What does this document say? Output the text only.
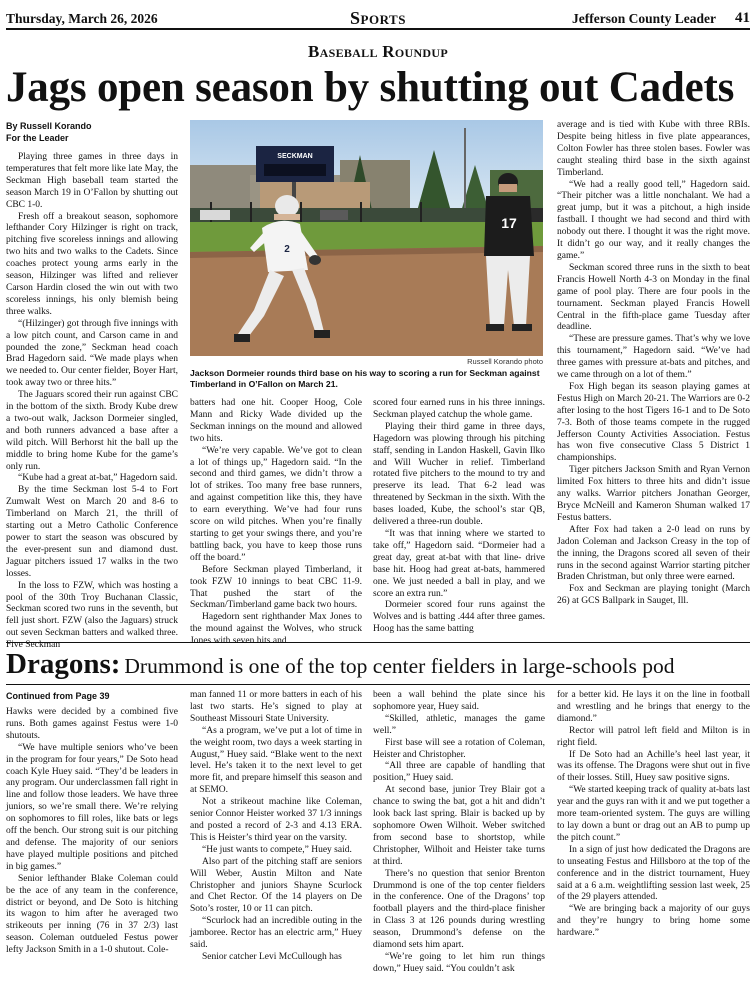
Thursday, March 26, 2026	Sports	Jefferson County Leader 41
Baseball Roundup
Jags open season by shutting out Cadets
By Russell Korando
For the Leader

Playing three games in three days in temperatures that felt more like late May, the Seckman High baseball team started the season March 19 in O’Fallon by shutting out CBC 1-0.

Fresh off a breakout season, sophomore lefthander Cory Hilzinger is right on track, pitching five scoreless innings and allowing two hits and two walks to the Cadets. Since coaches protect young arms early in the season, Hilzinger was lifted and reliever Carson Hardin closed the win out with two scoreless innings, his only blemish being three walks.

“(Hilzinger) got through five innings with a low pitch count, and Carson came in and pounded the zone,” Seckman head coach Brad Hagedorn said. “We made plays when we needed to. Our center fielder, Boyer Hart, took away two or three hits.”

The Jaguars scored their run against CBC in the bottom of the sixth. Brody Kube drew a two-out walk, Jackson Dormeier singled, and both runners advanced a base after a wild pitch. Will Berhorst hit the ball up the middle to bring home Kube for the game’s only run.

“Kube had a great at-bat,” Hagedorn said.

By the time Seckman lost 5-4 to Fort Zumwalt West on March 20 and 8-6 to Timberland on March 21, the thrill of starting out a Metro Catholic Conference power to start the season was obscured by the ever-present sun and diamond dust. Jaguar pitchers issued 17 walks in the two losses.

In the loss to FZW, which was hosting a pool of the 30th Troy Buchanan Classic, Seckman scored two runs in the seventh, but fell just short. FZW (also the Jaguars) struck out seven Seckman batters and walked three. Five Seckman

SECKMAN
2
17
Russell Korando photo
Jackson Dormeier rounds third base on his way to scoring a run for Seckman against Timberland in O’Fallon on March 21.

batters had one hit. Cooper Hoog, Cole Mann and Ricky Wade divided up the Seckman innings on the mound and allowed two hits.

“We’re very capable. We’ve got to clean a lot of things up,” Hagedorn said. “In the second and third games, we didn’t throw a lot of strikes. Too many free base runners, and against competition like this, they have to earn everything. We’ve had four runs score on wild pitches. When you’re finally starting to get your swings there, and you’re battling back, you have to keep those runs off the board.”

Before Seckman played Timberland, it took FZW 10 innings to beat CBC 11-9. That pushed the start of the Seckman/Timberland game back two hours.

Hagedorn sent righthander Max Jones to the mound against the Wolves, who struck Jones with seven hits and

scored four earned runs in his three innings. Seckman played catchup the whole game.

Playing their third game in three days, Hagedorn was plowing through his pitching staff, sending in Landon Haskell, Gavin Ilko and Will Wucher in relief. Timberland rotated five pitchers to the mound to try and preserve its lead. That 6-2 lead was threatened by Seckman in the sixth. With the bases loaded, Kube, the school’s star QB, delivered a three-run double.

“It was that inning where we started to take off,” Hagedorn said. “Dormeier had a great day, great at-bat with that line- drive base hit. Hoog had great at-bats, hammered one. We just needed a ball in play, and we score an extra run.”

Dormeier scored four runs against the Wolves and is batting .444 after three games. Hoog has the same batting

average and is tied with Kube with three RBIs. Despite being hitless in five plate appearances, Colton Fowler has three stolen bases. Fowler was caught stealing third base in the sixth against Timberland.

“We had a really good tell,” Hagedorn said. “Their pitcher was a little nonchalant. We had a great jump, but it was a pitchout, a high inside fastball. I thought we had second and third with nobody out there. I thought it was the right move. It didn’t go our way, and it really changes the game.”

Seckman scored three runs in the sixth to beat Francis Howell North 4-3 on Monday in the final game of pool play. There are four pools in the tournament. Seckman played Francis Howell Central in the fifth-place game Tuesday after deadline.

“These are pressure games. That’s why we love this tournament,” Hagedorn said. “We’ve had three games with pressure at-bats and pitches, and we came through on a lot of them.”

Fox High began its season playing games at Festus High on March 20-21. The Warriors are 0-2 after losing to the host Tigers 16-1 and to De Soto 7-3. Both of those teams compete in the rugged Jefferson County Activities Association. Festus has won five consecutive Class 5 District 1 championships.

Tiger pitchers Jackson Smith and Ryan Vernon limited Fox hitters to three hits and didn’t issue any walks. Warrior pitchers Jonathan Georger, Bryce McNeill and Kameron Shuman walked 17 Festus batters.

After Fox had taken a 2-0 lead on runs by Jadon Coleman and Jackson Creasy in the top of the inning, the Dragons scored all seven of their runs in the second against Warrior starting pitcher Braden Christman, but only three were earned.

Fox and Seckman are playing tonight (March 26) at GCS Ballpark in Sauget, Ill.

Dragons: Drummond is one of the top center fielders in large-schools pod
Continued from Page 39

Hawks were decided by a combined five runs. Both games against Festus were 1-0 shutouts.

“We have multiple seniors who’ve been in the program for four years,” De Soto head coach Kyle Huey said. “They’d be leaders in any program. Our underclassmen fall right in line and follow those leaders. We have three juniors, so we’re small there. We’re relying on sophomores to fill roles, like bats or legs off the bench. Our strong suit is our pitching and defense. The majority of our seniors have played multiple positions and pitched in big games.”

Senior lefthander Blake Coleman could be the ace of any team in the conference, district or beyond, and De Soto is hitching its wagon to him after he averaged two strikeouts per inning (76 in 37 2/3) last season. Coleman outdueled Festus power lefty Jackson Smith in a 1-0 shutout. Cole-

man fanned 11 or more batters in each of his last two starts. He’s signed to play at Southeast Missouri State University.

“As a program, we’ve put a lot of time in the weight room, two days a week starting in August,” Huey said. “Blake went to the next level. He’s taken it to the next level to get more fit, and prepare himself this season and at SEMO.

Not a strikeout machine like Coleman, senior Connor Heister worked 37 1/3 innings and posted a record of 2-3 and 4.13 ERA. This is Heister’s third year on the varsity.

“He just wants to compete,” Huey said.

Also part of the pitching staff are seniors Will Weber, Austin Milton and Nate Christopher and juniors Shayne Scurlock and Chet Rector. Of the 14 players on De Soto’s roster, 10 or 11 can pitch.

“Scurlock had an incredible outing in the jamboree. Rector has an electric arm,” Huey said.

Senior catcher Levi McCullough has

been a wall behind the plate since his sophomore year, Huey said.

“Skilled, athletic, manages the game well.”

First base will see a rotation of Coleman, Heister and Christopher.

“All three are capable of handling that position,” Huey said.

At second base, junior Trey Blair got a chance to swing the bat, got a hit and didn’t look back last spring. Blair is backed up by sophomore Owen Wilhoit. Weber switched from second base to shortstop, while Christopher, Wilhoit and Heister take turns at third.

There’s no question that senior Brenton Drummond is one of the top center fielders in the conference. One of the Dragons’ top football players and the third-place finisher in Class 3 at 126 pounds during wrestling season, Drummond’s defense on the diamond sets him apart.

“We’re going to let him run things down,” Huey said. “You couldn’t ask

for a better kid. He lays it on the line in football and wrestling and he brings that energy to the diamond.”

Rector will patrol left field and Milton is in right field.

If De Soto had an Achille’s heel last year, it was its offense. The Dragons were shut out in five of their losses. Still, Huey saw positive signs.

“We started keeping track of quality at-bats last year and the guys ran with it and we put together a more team-oriented system. The guys are willing to lay down a bunt or drag out an AB to pump up the pitch count.”

In a sign of just how dedicated the Dragons are to unseating Festus and Hillsboro at the top of the conference and in the district tournament, Huey said at a 6 a.m. weightlifting session last week, 25 of the 29 players attended.

“We are bringing back a majority of our guys and they’re hungry to bring home some hardware.”
